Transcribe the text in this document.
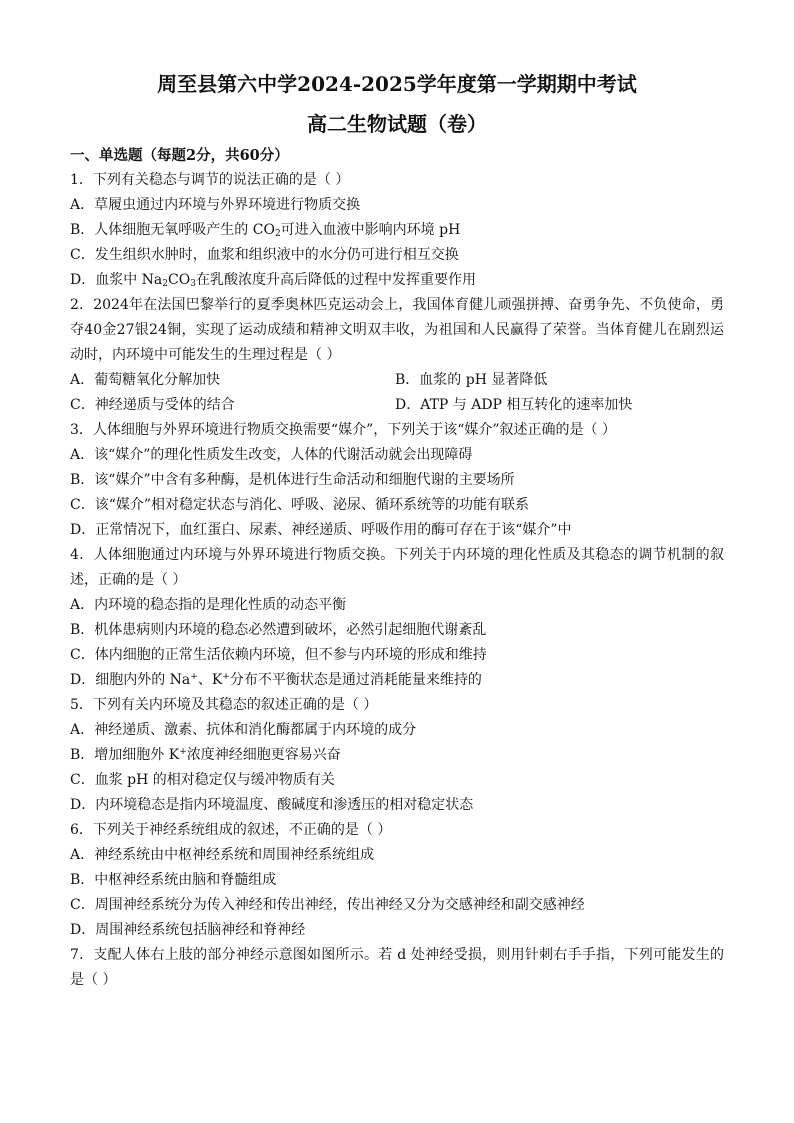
周至县第六中学2024-2025学年度第一学期期中考试

高二生物试题（卷）

一、单选题（每题2分，共60分）

1．下列有关稳态与调节的说法正确的是（ ）

A．草履虫通过内环境与外界环境进行物质交换

B．人体细胞无氧呼吸产生的 $CO_2$可进入血液中影响内环境 pH

C．发生组织水肿时，血浆和组织液中的水分仍可进行相互交换

D．血浆中 $Na_2CO_3$在乳酸浓度升高后降低的过程中发挥重要作用

2．2024年在法国巴黎举行的夏季奥林匹克运动会上，我国体育健儿顽强拼搏、奋勇争先、不负使命，勇夺40金27银24铜，实现了运动成绩和精神文明双丰收，为祖国和人民赢得了荣誉。当体育健儿在剧烈运动时，内环境中可能发生的生理过程是（ ）

A．葡萄糖氧化分解加快	B．血浆的 pH 显著降低
C．神经递质与受体的结合	D．ATP 与 ADP 相互转化的速率加快

3．人体细胞与外界环境进行物质交换需要“媒介”，下列关于该“媒介”叙述正确的是（ ）

A．该“媒介”的理化性质发生改变，人体的代谢活动就会出现障碍

B．该“媒介”中含有多种酶，是机体进行生命活动和细胞代谢的主要场所

C．该“媒介”相对稳定状态与消化、呼吸、泌尿、循环系统等的功能有联系

D．正常情况下，血红蛋白、尿素、神经递质、呼吸作用的酶可存在于该“媒介”中

4．人体细胞通过内环境与外界环境进行物质交换。下列关于内环境的理化性质及其稳态的调节机制的叙述，正确的是（ ）

A．内环境的稳态指的是理化性质的动态平衡

B．机体患病则内环境的稳态必然遭到破坏，必然引起细胞代谢紊乱

C．体内细胞的正常生活依赖内环境，但不参与内环境的形成和维持

D．细胞内外的 Na+、K+分布不平衡状态是通过消耗能量来维持的

5．下列有关内环境及其稳态的叙述正确的是（ ）

A．神经递质、激素、抗体和消化酶都属于内环境的成分

B．增加细胞外 K+浓度神经细胞更容易兴奋

C．血浆 pH 的相对稳定仅与缓冲物质有关

D．内环境稳态是指内环境温度、酸碱度和渗透压的相对稳定状态

6．下列关于神经系统组成的叙述，不正确的是（ ）

A．神经系统由中枢神经系统和周围神经系统组成

B．中枢神经系统由脑和脊髓组成

C．周围神经系统分为传入神经和传出神经，传出神经又分为交感神经和副交感神经

D．周围神经系统包括脑神经和脊神经

7．支配人体右上肢的部分神经示意图如图所示。若 d 处神经受损，则用针刺右手手指，下列可能发生的是（ ）
